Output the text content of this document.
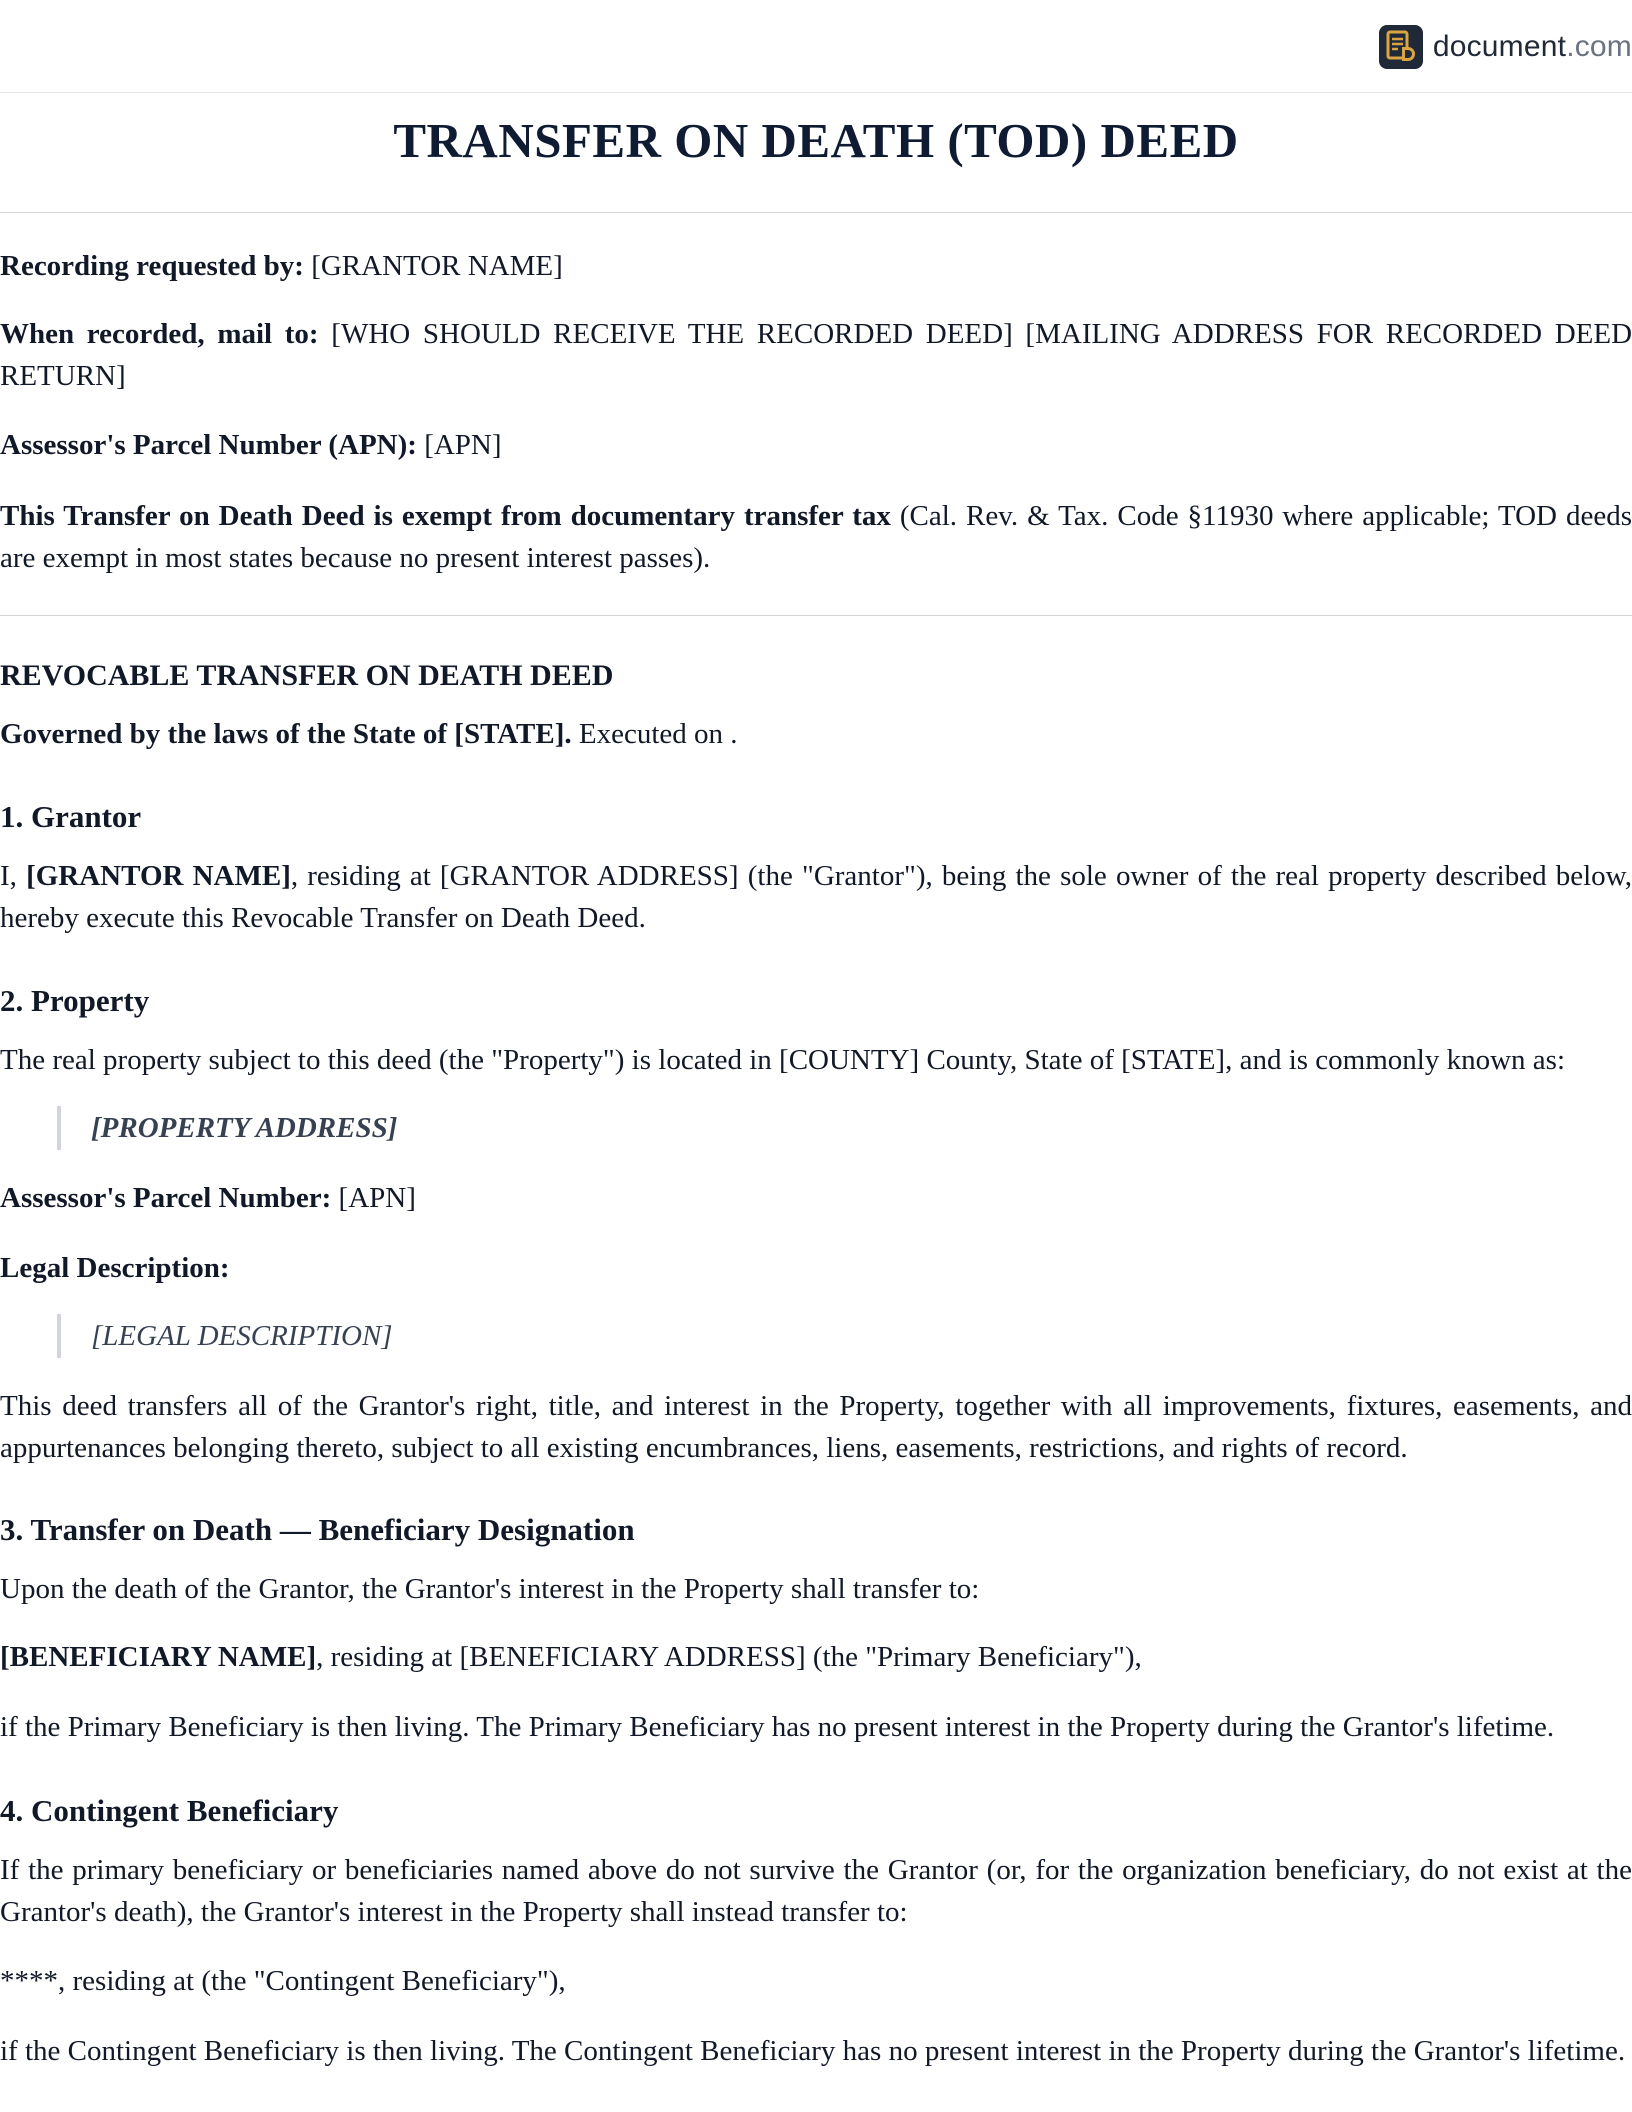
document.com
TRANSFER ON DEATH (TOD) DEED

Recording requested by: [GRANTOR NAME]

When recorded, mail to: [WHO SHOULD RECEIVE THE RECORDED DEED] [MAILING ADDRESS FOR RECORDED DEED RETURN]

Assessor's Parcel Number (APN): [APN]

This Transfer on Death Deed is exempt from documentary transfer tax (Cal. Rev. & Tax. Code §11930 where applicable; TOD deeds are exempt in most states because no present interest passes).

REVOCABLE TRANSFER ON DEATH DEED

Governed by the laws of the State of [STATE]. Executed on .

1. Grantor

I, [GRANTOR NAME], residing at [GRANTOR ADDRESS] (the "Grantor"), being the sole owner of the real property described below, hereby execute this Revocable Transfer on Death Deed.

2. Property

The real property subject to this deed (the "Property") is located in [COUNTY] County, State of [STATE], and is commonly known as:

[PROPERTY ADDRESS]

Assessor's Parcel Number: [APN]

Legal Description:

[LEGAL DESCRIPTION]

This deed transfers all of the Grantor's right, title, and interest in the Property, together with all improvements, fixtures, easements, and appurtenances belonging thereto, subject to all existing encumbrances, liens, easements, restrictions, and rights of record.

3. Transfer on Death — Beneficiary Designation

Upon the death of the Grantor, the Grantor's interest in the Property shall transfer to:

[BENEFICIARY NAME], residing at [BENEFICIARY ADDRESS] (the "Primary Beneficiary"),

if the Primary Beneficiary is then living. The Primary Beneficiary has no present interest in the Property during the Grantor's lifetime.

4. Contingent Beneficiary

If the primary beneficiary or beneficiaries named above do not survive the Grantor (or, for the organization beneficiary, do not exist at the Grantor's death), the Grantor's interest in the Property shall instead transfer to:

****, residing at (the "Contingent Beneficiary"),

if the Contingent Beneficiary is then living. The Contingent Beneficiary has no present interest in the Property during the Grantor's lifetime.
